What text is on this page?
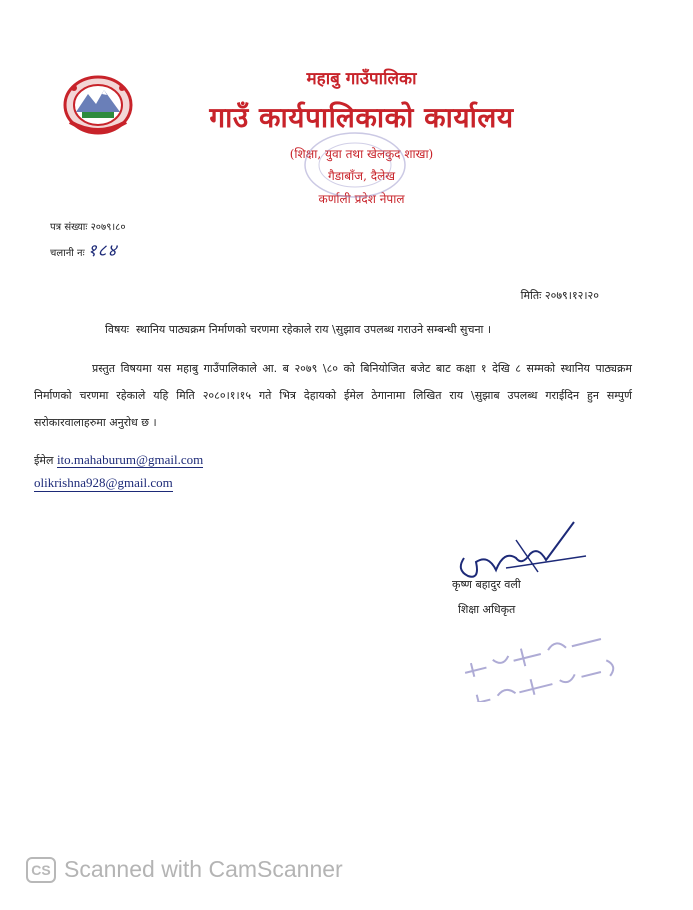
महाबु गाउँपालिका
गाउँ कार्यपालिकाको कार्यालय
(शिक्षा, युवा तथा खेलकुद शाखा)
गैडाबाँज, दैलेख
कर्णाली प्रदेश नेपाल
पत्र संख्याः २०७९।८०
चलानी नः १८४
मितिः २०७९।१२।२०
विषयः स्थानिय पाठ्यक्रम निर्माणको चरणमा रहेकाले राय \सुझाव उपलब्ध गराउने सम्बन्धी सुचना ।
प्रस्तुत विषयमा यस महाबु गाउँपालिकाले आ. ब २०७९ \८० को बिनियोजित बजेट बाट कक्षा १ देखि ८ सम्मको स्थानिय पाठ्यक्रम निर्माणको चरणमा रहेकाले यहि मिति २०८०।१।१५ गते भित्र देहायको ईमेल ठेगानामा लिखित राय \सुझाब उपलब्ध गराईदिन हुन सम्पुर्ण सरोकारवालाहरुमा अनुरोध छ ।
ईमेल ito.mahaburum@gmail.com
olikrishna928@gmail.com
कृष्ण बहादुर वली
शिक्षा अधिकृत
CS Scanned with CamScanner
